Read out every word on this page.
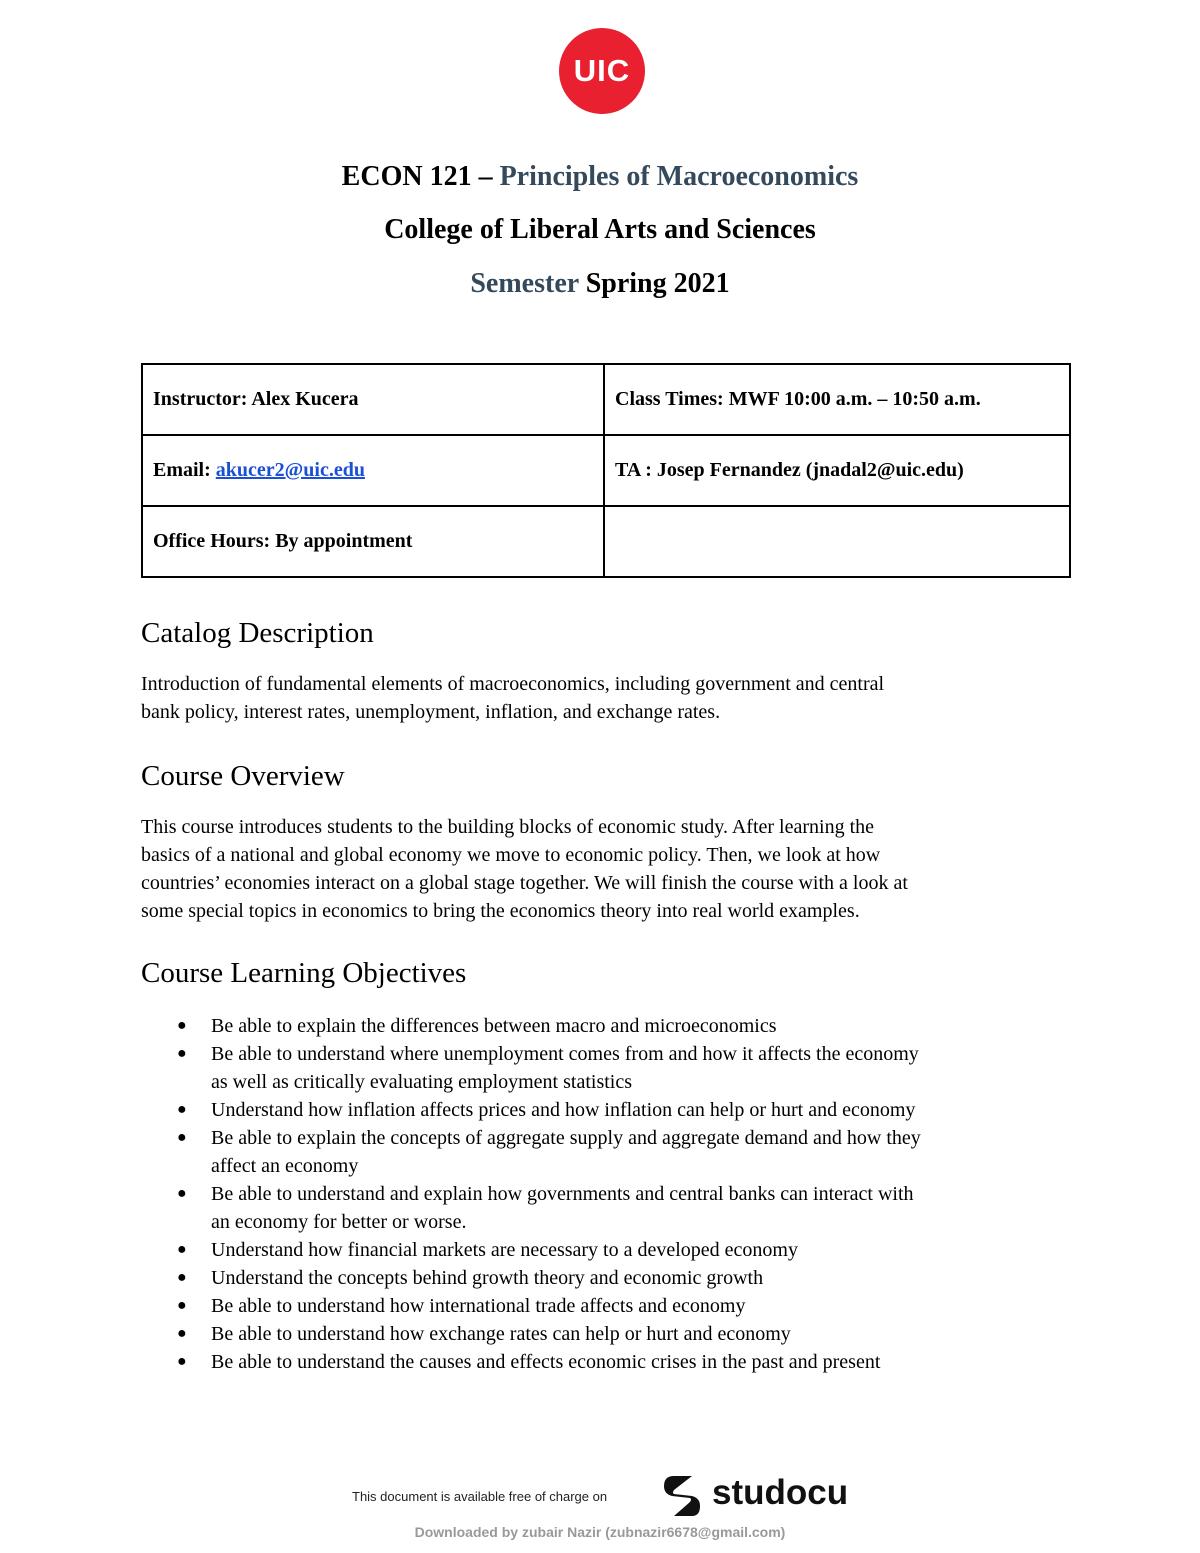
UIC
ECON 121 – Principles of Macroeconomics
College of Liberal Arts and Sciences
Semester Spring 2021
Instructor: Alex Kucera	Class Times: MWF 10:00 a.m. – 10:50 a.m.
Email: akucer2@uic.edu	TA : Josep Fernandez (jnadal2@uic.edu)
Office Hours: By appointment	
Catalog Description

Introduction of fundamental elements of macroeconomics, including government and central
bank policy, interest rates, unemployment, inflation, and exchange rates.

Course Overview

This course introduces students to the building blocks of economic study. After learning the
basics of a national and global economy we move to economic policy. Then, we look at how
countries’ economies interact on a global stage together. We will finish the course with a look at
some special topics in economics to bring the economics theory into real world examples.

Course Learning Objectives
● Be able to explain the differences between macro and microeconomics
● Be able to understand where unemployment comes from and how it affects the economy
as well as critically evaluating employment statistics
● Understand how inflation affects prices and how inflation can help or hurt and economy
● Be able to explain the concepts of aggregate supply and aggregate demand and how they
affect an economy
● Be able to understand and explain how governments and central banks can interact with
an economy for better or worse.
● Understand how financial markets are necessary to a developed economy
● Understand the concepts behind growth theory and economic growth
● Be able to understand how international trade affects and economy
● Be able to understand how exchange rates can help or hurt and economy
● Be able to understand the causes and effects economic crises in the past and present
This document is available free of charge on	studocu
Downloaded by zubair Nazir (zubnazir6678@gmail.com)
